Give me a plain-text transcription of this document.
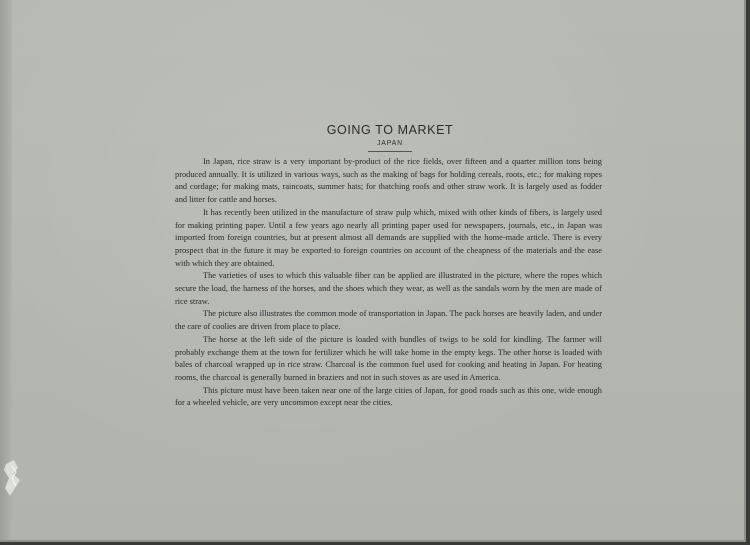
GOING TO MARKET
JAPAN

In Japan, rice straw is a very important by-product of the rice fields, over fifteen and a quarter million tons being produced annually. It is utilized in various ways, such as the making of bags for holding cereals, roots, etc.; for making ropes and cordage; for making mats, raincoats, summer hats; for thatching roofs and other straw work. It is largely used as fodder and litter for cattle and horses.

It has recently been utilized in the manufacture of straw pulp which, mixed with other kinds of fibers, is largely used for making printing paper. Until a few years ago nearly all printing paper used for newspapers, journals, etc., in Japan was imported from foreign countries, but at present almost all demands are supplied with the home-made article. There is every prospect that in the future it may be exported to foreign countries on account of the cheapness of the materials and the ease with which they are obtained.

The varieties of uses to which this valuable fiber can be applied are illustrated in the picture, where the ropes which secure the load, the harness of the horses, and the shoes which they wear, as well as the sandals worn by the men are made of rice straw.

The picture also illustrates the common mode of transportation in Japan. The pack horses are heavily laden, and under the care of coolies are driven from place to place.

The horse at the left side of the picture is loaded with bundles of twigs to be sold for kindling. The farmer will probably exchange them at the town for fertilizer which he will take home in the empty kegs. The other horse is loaded with bales of charcoal wrapped up in rice straw. Charcoal is the common fuel used for cooking and heating in Japan. For heating rooms, the charcoal is generally burned in braziers and not in such stoves as are used in America.

This picture must have been taken near one of the large cities of Japan, for good roads such as this one, wide enough for a wheeled vehicle, are very uncommon except near the cities.
